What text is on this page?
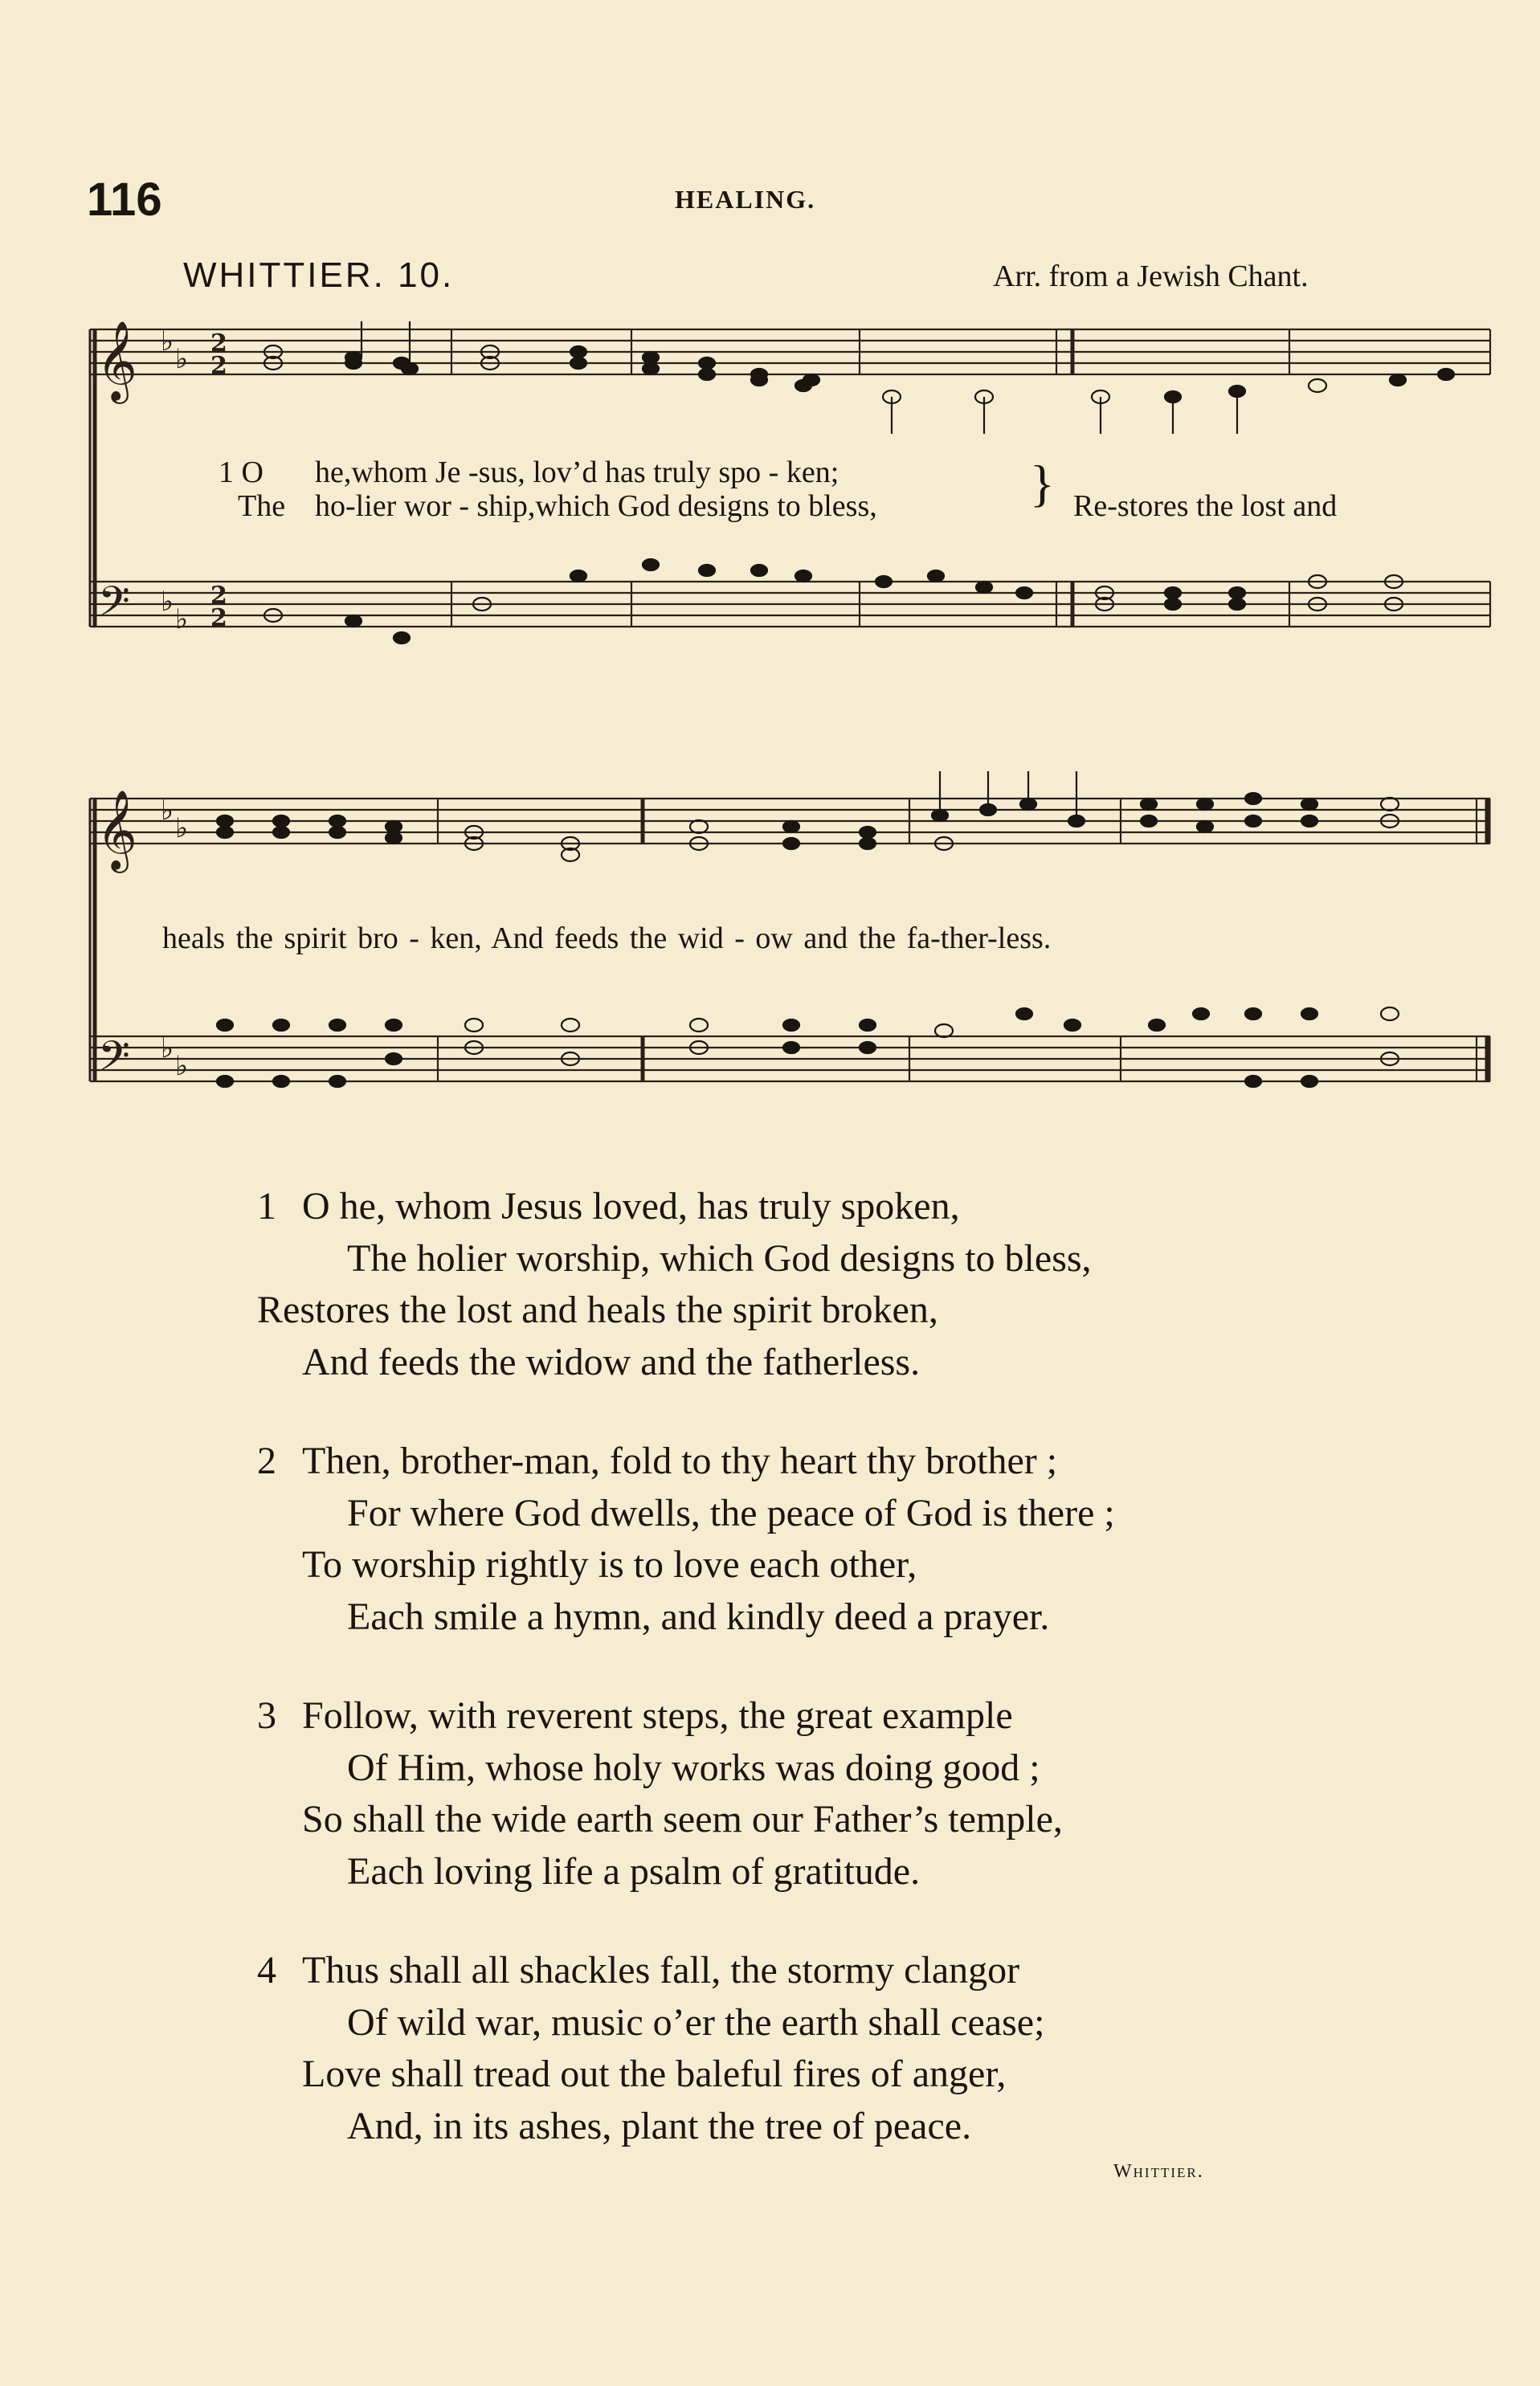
116	HEALING.
WHITTIER. 10.	Arr. from a Jewish Chant.
𝄞
𝄢
𝄞
𝄢
♭
♭
♭
♭
♭
♭
♭
♭
2
2
2
2
1 O he,whom Je -sus, lov’d has truly spo - ken;
The ho-lier wor - ship,which God designs to bless,	} Re-stores the lost and
heals the spirit bro - ken, And feeds the wid - ow and the fa-ther-less.
1 O he, whom Jesus loved, has truly spoken,
The holier worship, which God designs to bless,
Restores the lost and heals the spirit broken,
And feeds the widow and the fatherless.
2 Then, brother-man, fold to thy heart thy brother ;
For where God dwells, the peace of God is there ;
To worship rightly is to love each other,
Each smile a hymn, and kindly deed a prayer.
3 Follow, with reverent steps, the great example
Of Him, whose holy works was doing good ;
So shall the wide earth seem our Father’s temple,
Each loving life a psalm of gratitude.
4 Thus shall all shackles fall, the stormy clangor
Of wild war, music o’er the earth shall cease;
Love shall tread out the baleful fires of anger,
And, in its ashes, plant the tree of peace.
Whittier.
